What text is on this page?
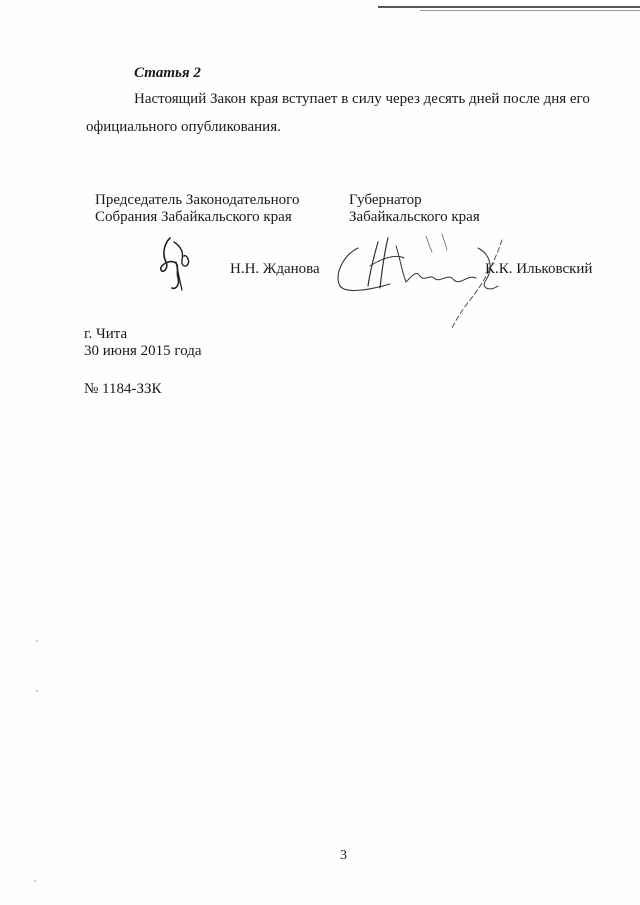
Статья 2
Настоящий Закон края вступает в силу через десять дней после дня его
официального опубликования.
Председатель Законодательного
Собрания Забайкальского края
Губернатор
Забайкальского края
Н.Н. Жданова	К.К. Ильковский
г. Чита
30 июня 2015 года
№ 1184-ЗЗК
3
